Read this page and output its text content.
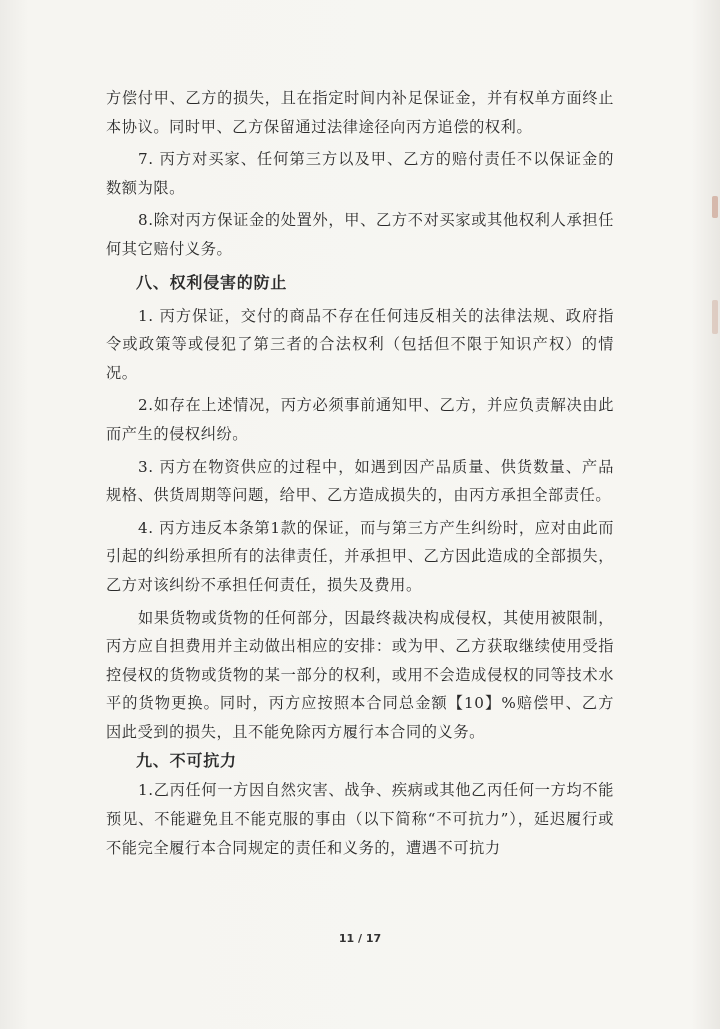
方偿付甲、乙方的损失，且在指定时间内补足保证金，并有权单方面终止本协议。同时甲、乙方保留通过法律途径向丙方追偿的权利。

7. 丙方对买家、任何第三方以及甲、乙方的赔付责任不以保证金的数额为限。

8.除对丙方保证金的处置外，甲、乙方不对买家或其他权利人承担任何其它赔付义务。

八、权利侵害的防止

1. 丙方保证，交付的商品不存在任何违反相关的法律法规、政府指令或政策等或侵犯了第三者的合法权利（包括但不限于知识产权）的情况。

2.如存在上述情况，丙方必须事前通知甲、乙方，并应负责解决由此而产生的侵权纠纷。

3. 丙方在物资供应的过程中，如遇到因产品质量、供货数量、产品规格、供货周期等问题，给甲、乙方造成损失的，由丙方承担全部责任。

4. 丙方违反本条第1款的保证，而与第三方产生纠纷时，应对由此而引起的纠纷承担所有的法律责任，并承担甲、乙方因此造成的全部损失，乙方对该纠纷不承担任何责任，损失及费用。

如果货物或货物的任何部分，因最终裁决构成侵权，其使用被限制，丙方应自担费用并主动做出相应的安排：或为甲、乙方获取继续使用受指控侵权的货物或货物的某一部分的权利，或用不会造成侵权的同等技术水平的货物更换。同时，丙方应按照本合同总金额【10】%赔偿甲、乙方因此受到的损失，且不能免除丙方履行本合同的义务。

九、不可抗力

1.乙丙任何一方因自然灾害、战争、疾病或其他乙丙任何一方均不能预见、不能避免且不能克服的事由（以下简称“不可抗力”），延迟履行或不能完全履行本合同规定的责任和义务的，遭遇不可抗力

11 / 17
